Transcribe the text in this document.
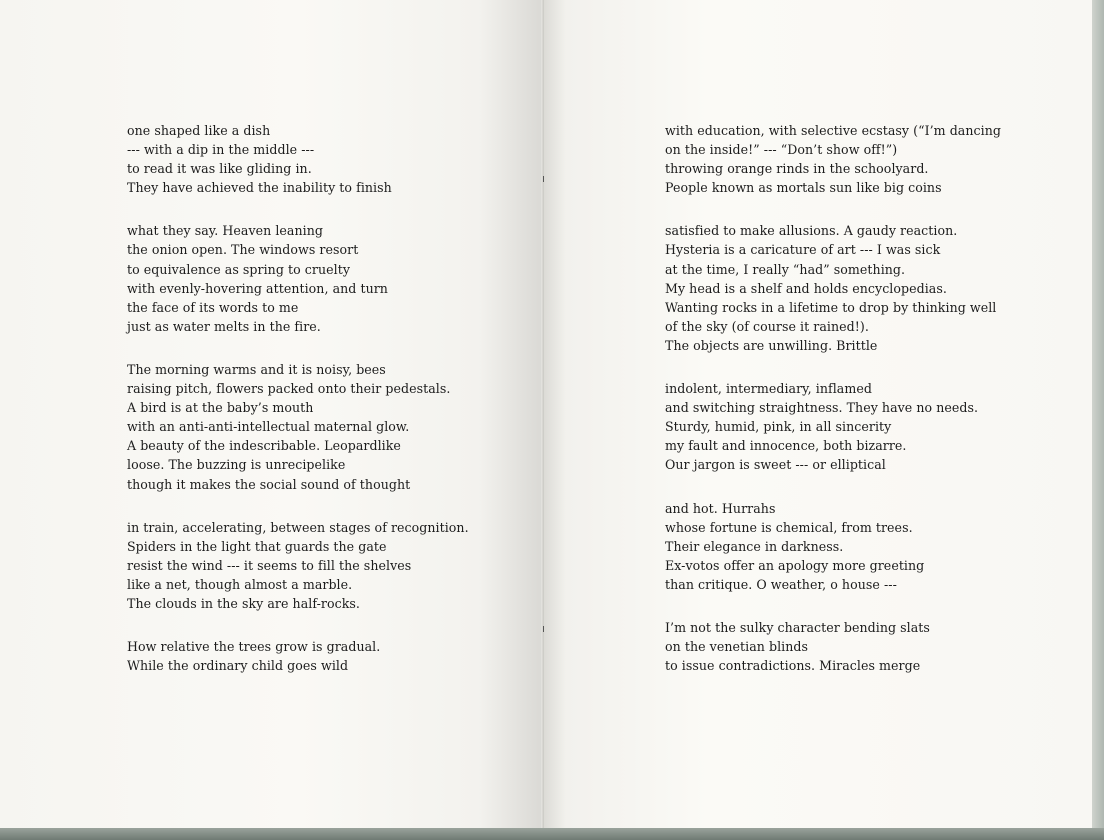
one shaped like a dish
--- with a dip in the middle ---
to read it was like gliding in.
They have achieved the inability to finish
what they say. Heaven leaning
the onion open. The windows resort
to equivalence as spring to cruelty
with evenly-hovering attention, and turn
the face of its words to me
just as water melts in the fire.
The morning warms and it is noisy, bees
raising pitch, flowers packed onto their pedestals.
A bird is at the baby’s mouth
with an anti-anti-intellectual maternal glow.
A beauty of the indescribable. Leopardlike
loose. The buzzing is unrecipelike
though it makes the social sound of thought
in train, accelerating, between stages of recognition.
Spiders in the light that guards the gate
resist the wind --- it seems to fill the shelves
like a net, though almost a marble.
The clouds in the sky are half-rocks.
How relative the trees grow is gradual.
While the ordinary child goes wild
with education, with selective ecstasy (“I’m dancing
on the inside!” --- “Don’t show off!”)
throwing orange rinds in the schoolyard.
People known as mortals sun like big coins
satisfied to make allusions. A gaudy reaction.
Hysteria is a caricature of art --- I was sick
at the time, I really “had” something.
My head is a shelf and holds encyclopedias.
Wanting rocks in a lifetime to drop by thinking well
of the sky (of course it rained!).
The objects are unwilling. Brittle
indolent, intermediary, inflamed
and switching straightness. They have no needs.
Sturdy, humid, pink, in all sincerity
my fault and innocence, both bizarre.
Our jargon is sweet --- or elliptical
and hot. Hurrahs
whose fortune is chemical, from trees.
Their elegance in darkness.
Ex-votos offer an apology more greeting
than critique. O weather, o house ---
I’m not the sulky character bending slats
on the venetian blinds
to issue contradictions. Miracles merge
